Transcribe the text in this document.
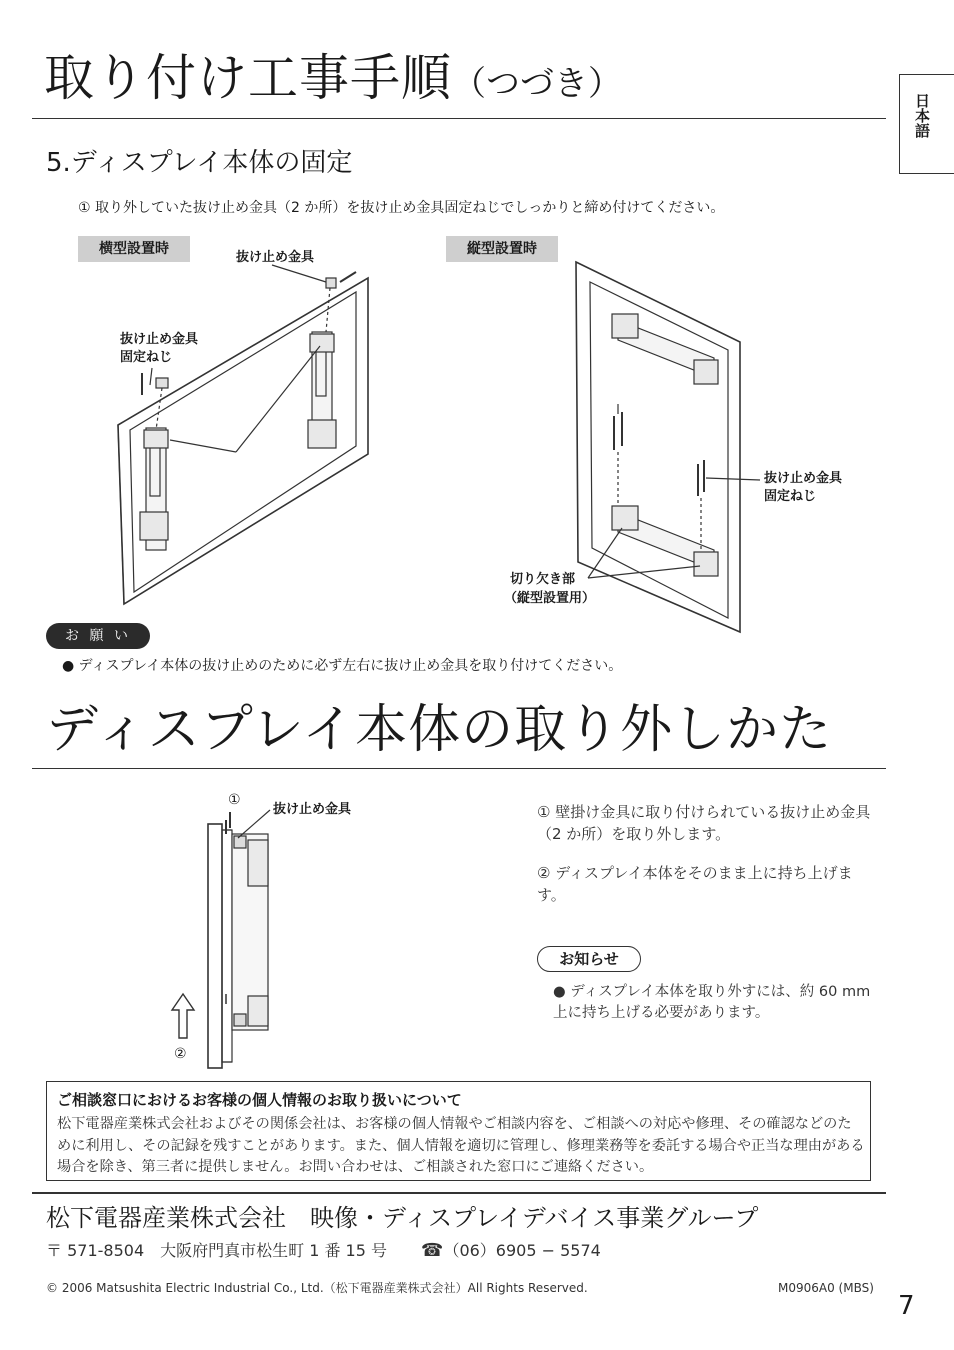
取り付け工事手順（つづき）
日本語
5.ディスプレイ本体の固定
① 取り外していた抜け止め金具（2 か所）を抜け止め金具固定ねじでしっかりと締め付けてください。
横型設置時
抜け止め金具
抜け止め金具
固定ねじ
縦型設置時
抜け止め金具
固定ねじ
切り欠き部
（縦型設置用）
お 願 い
● ディスプレイ本体の抜け止めのために必ず左右に抜け止め金具を取り付けてください。
ディスプレイ本体の取り外しかた
①
抜け止め金具
②
① 壁掛け金具に取り付けられている抜け止め金具（2 か所）を取り外します。
② ディスプレイ本体をそのまま上に持ち上げます。
お知らせ
● ディスプレイ本体を取り外すには、約 60 mm 上に持ち上げる必要があります。
ご相談窓口におけるお客様の個人情報のお取り扱いについて
松下電器産業株式会社およびその関係会社は、お客様の個人情報やご相談内容を、ご相談への対応や修理、その確認などのために利用し、その記録を残すことがあります。また、個人情報を適切に管理し、修理業務等を委託する場合や正当な理由がある場合を除き、第三者に提供しません。お問い合わせは、ご相談された窓口にご連絡ください。
松下電器産業株式会社　映像・ディスプレイデバイス事業グループ
〒 571-8504　大阪府門真市松生町 1 番 15 号 ☎（06）6905 − 5574
© 2006 Matsushita Electric Industrial Co., Ltd.（松下電器産業株式会社）All Rights Reserved.	M0906A0 (MBS)
7
